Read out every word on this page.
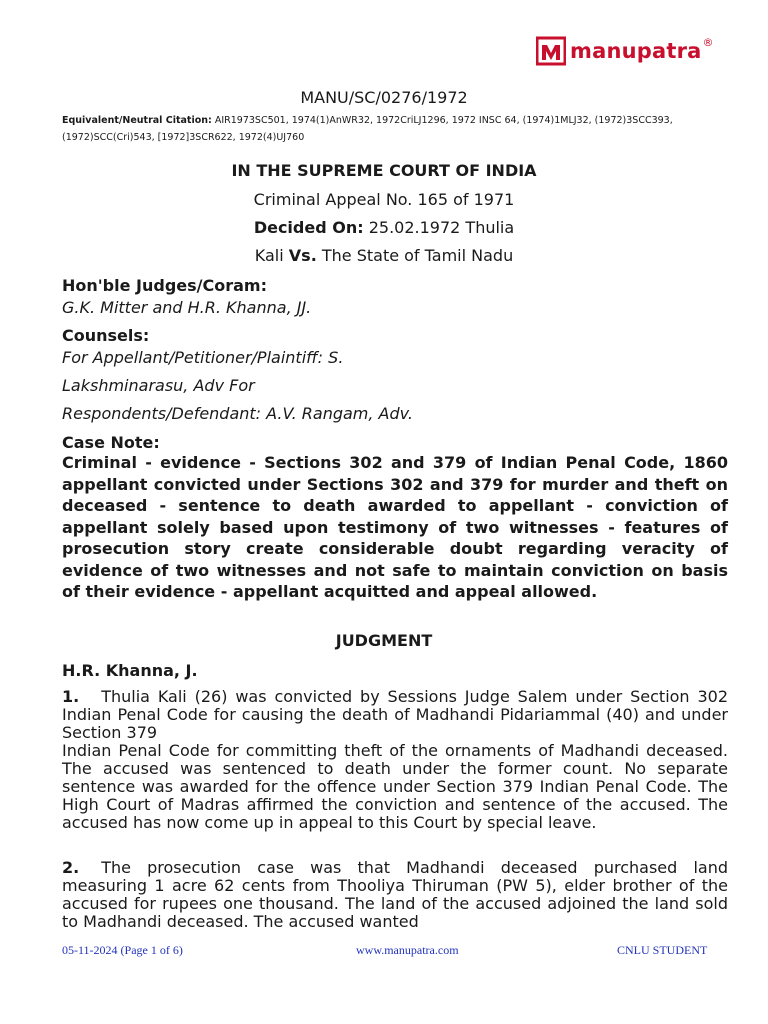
manupatra ®
MANU/SC/0276/1972
Equivalent/Neutral Citation: AIR1973SC501, 1974(1)AnWR32, 1972CriLJ1296, 1972 INSC 64, (1974)1MLJ32, (1972)3SCC393, (1972)SCC(Cri)543, [1972]3SCR622, 1972(4)UJ760
IN THE SUPREME COURT OF INDIA
Criminal Appeal No. 165 of 1971
Decided On: 25.02.1972 Thulia
Kali Vs. The State of Tamil Nadu
Hon'ble Judges/Coram:
G.K. Mitter and H.R. Khanna, JJ.
Counsels:
For Appellant/Petitioner/Plaintiff: S.
Lakshminarasu, Adv For
Respondents/Defendant: A.V. Rangam, Adv.
Case Note:
Criminal - evidence - Sections 302 and 379 of Indian Penal Code, 1860 appellant convicted under Sections 302 and 379 for murder and theft on deceased - sentence to death awarded to appellant - conviction of appellant solely based upon testimony of two witnesses - features of prosecution story create considerable doubt regarding veracity of evidence of two witnesses and not safe to maintain conviction on basis of their evidence - appellant acquitted and appeal allowed.
JUDGMENT
H.R. Khanna, J.
1. Thulia Kali (26) was convicted by Sessions Judge Salem under Section 302 Indian Penal Code for causing the death of Madhandi Pidariammal (40) and under Section 379
Indian Penal Code for committing theft of the ornaments of Madhandi deceased. The accused was sentenced to death under the former count. No separate sentence was awarded for the offence under Section 379 Indian Penal Code. The High Court of Madras affirmed the conviction and sentence of the accused. The accused has now come up in appeal to this Court by special leave.
2. The prosecution case was that Madhandi deceased purchased land measuring 1 acre 62 cents from Thooliya Thiruman (PW 5), elder brother of the accused for rupees one thousand. The land of the accused adjoined the land sold to Madhandi deceased. The accused wanted
05-11-2024 (Page 1 of 6)	www.manupatra.com	CNLU STUDENT
